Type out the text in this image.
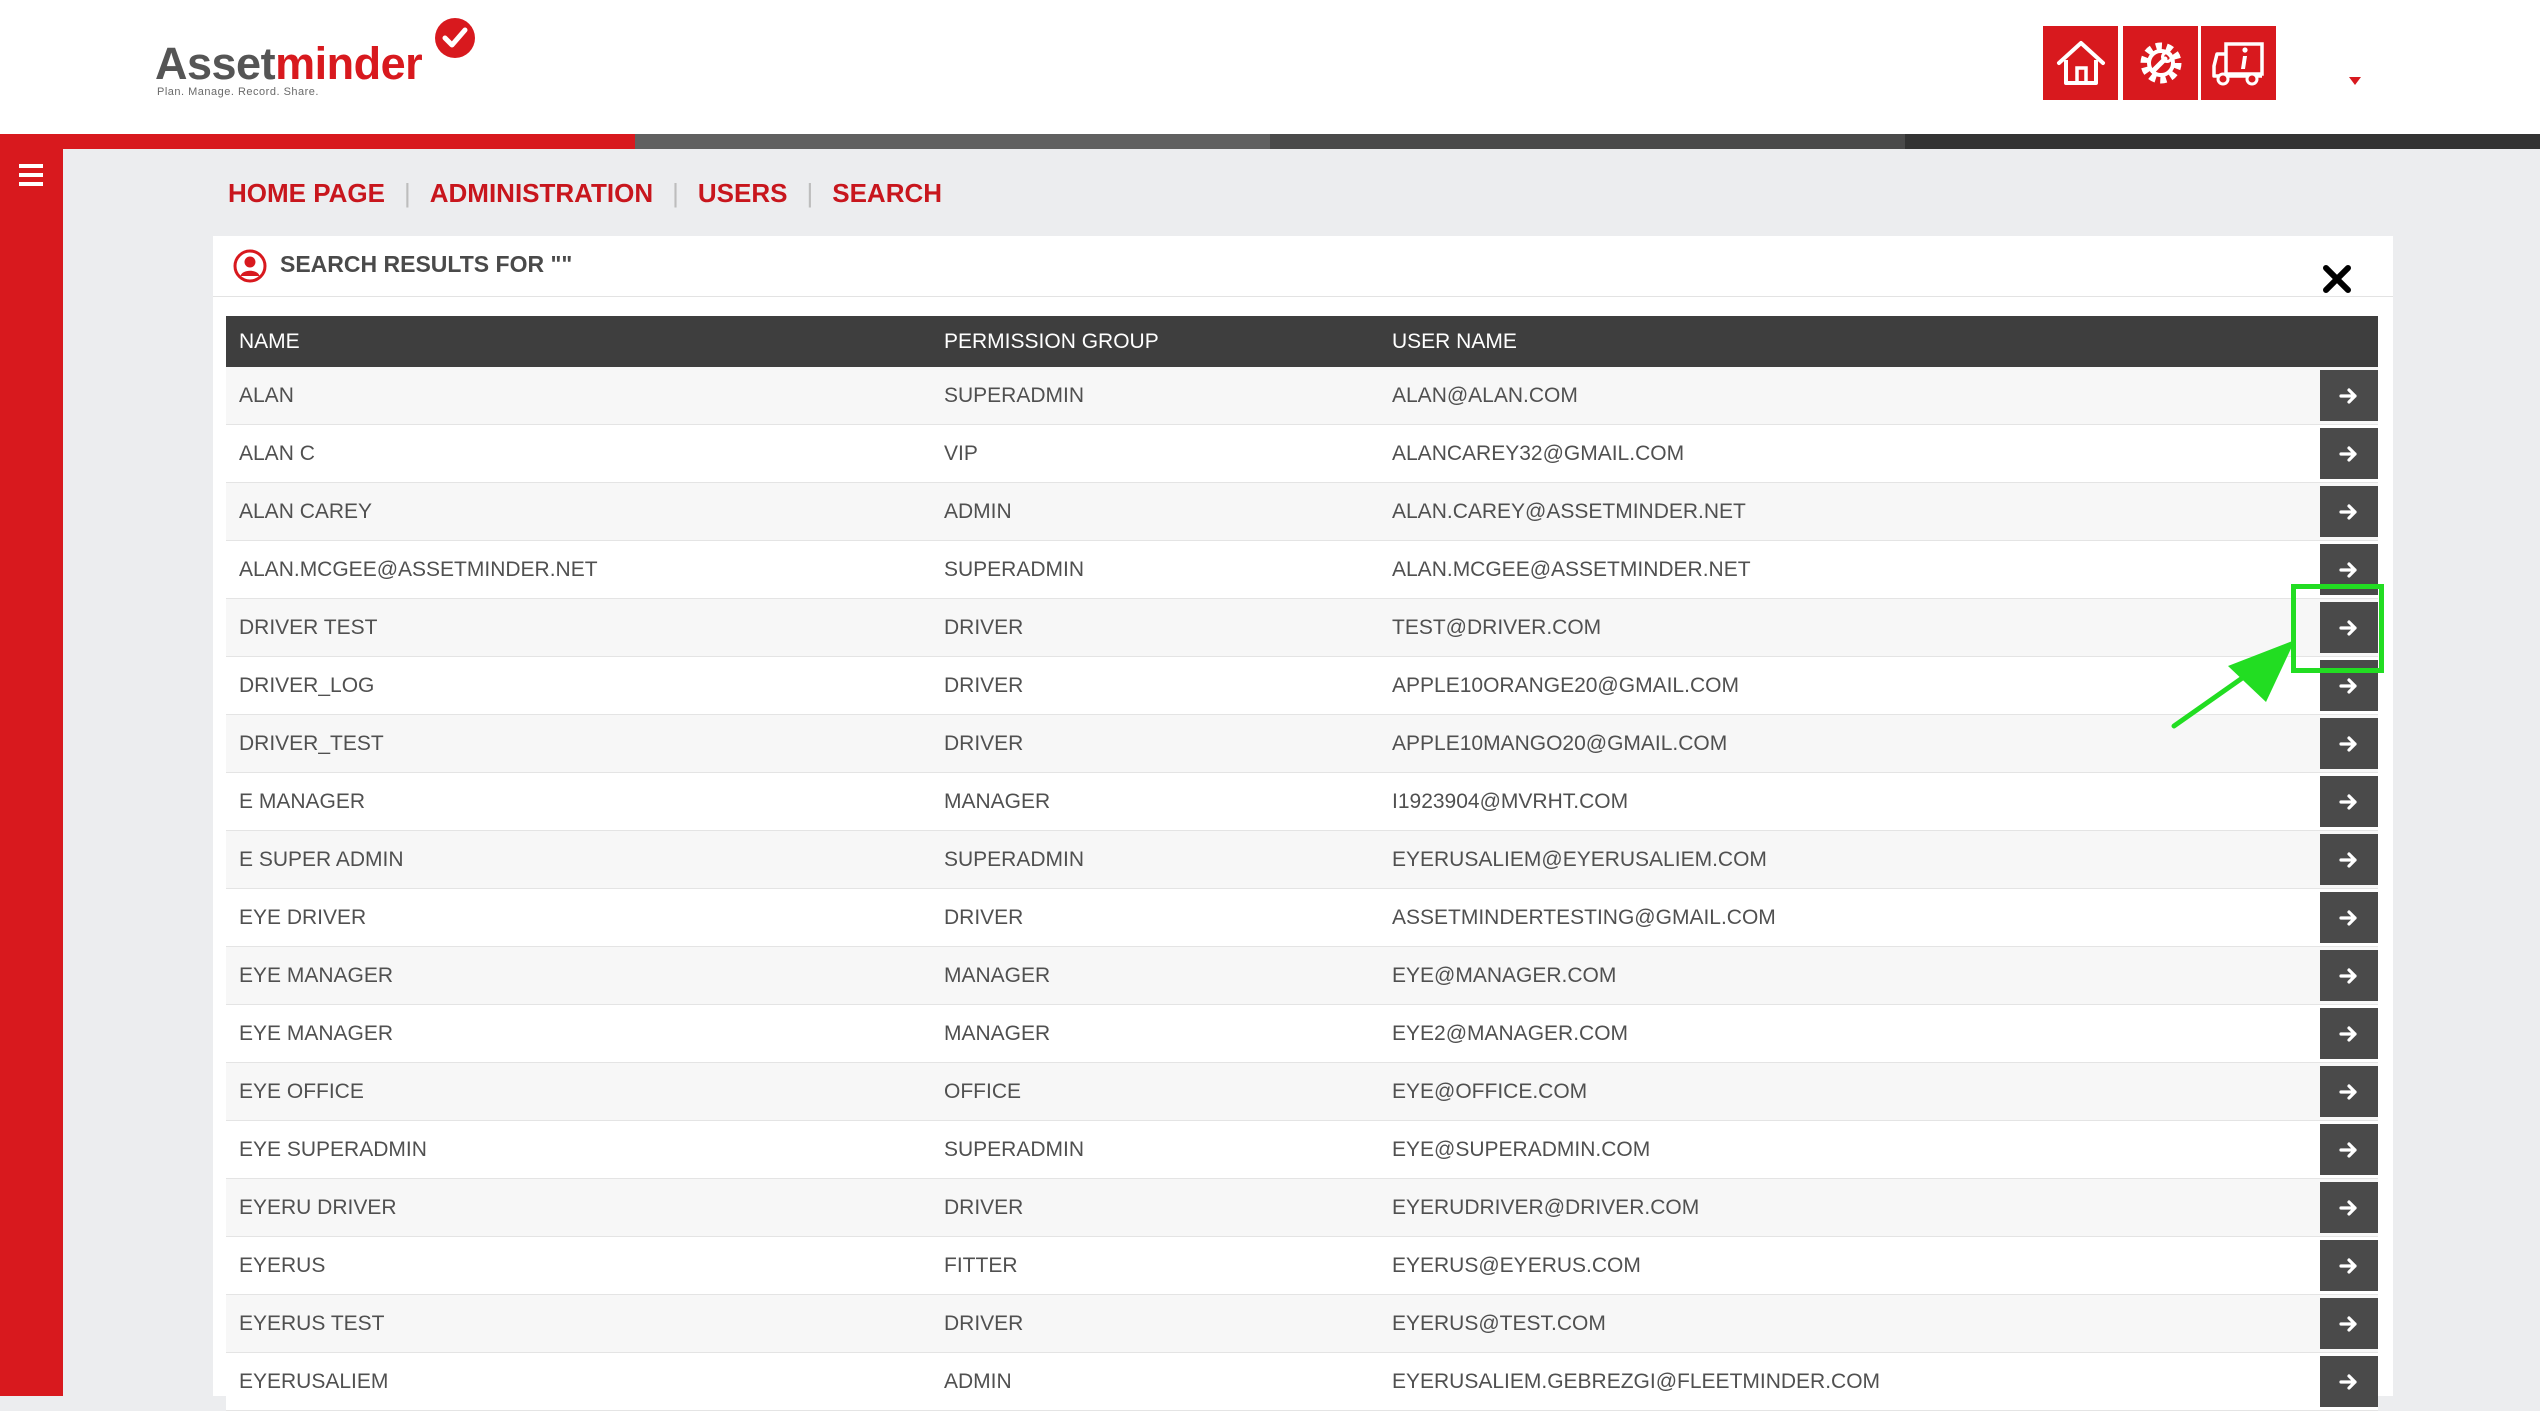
Assetminder
Plan. Manage. Record. Share.
HOME PAGE | ADMINISTRATION | USERS | SEARCH
SEARCH RESULTS FOR ""
NAME	PERMISSION GROUP	USER NAME
ALAN	SUPERADMIN	ALAN@ALAN.COM
ALAN C	VIP	ALANCAREY32@GMAIL.COM
ALAN CAREY	ADMIN	ALAN.CAREY@ASSETMINDER.NET
ALAN.MCGEE@ASSETMINDER.NET	SUPERADMIN	ALAN.MCGEE@ASSETMINDER.NET
DRIVER TEST	DRIVER	TEST@DRIVER.COM
DRIVER_LOG	DRIVER	APPLE10ORANGE20@GMAIL.COM
DRIVER_TEST	DRIVER	APPLE10MANGO20@GMAIL.COM
E MANAGER	MANAGER	I1923904@MVRHT.COM
E SUPER ADMIN	SUPERADMIN	EYERUSALIEM@EYERUSALIEM.COM
EYE DRIVER	DRIVER	ASSETMINDERTESTING@GMAIL.COM
EYE MANAGER	MANAGER	EYE@MANAGER.COM
EYE MANAGER	MANAGER	EYE2@MANAGER.COM
EYE OFFICE	OFFICE	EYE@OFFICE.COM
EYE SUPERADMIN	SUPERADMIN	EYE@SUPERADMIN.COM
EYERU DRIVER	DRIVER	EYERUDRIVER@DRIVER.COM
EYERUS	FITTER	EYERUS@EYERUS.COM
EYERUS TEST	DRIVER	EYERUS@TEST.COM
EYERUSALIEM	ADMIN	EYERUSALIEM.GEBREZGI@FLEETMINDER.COM
